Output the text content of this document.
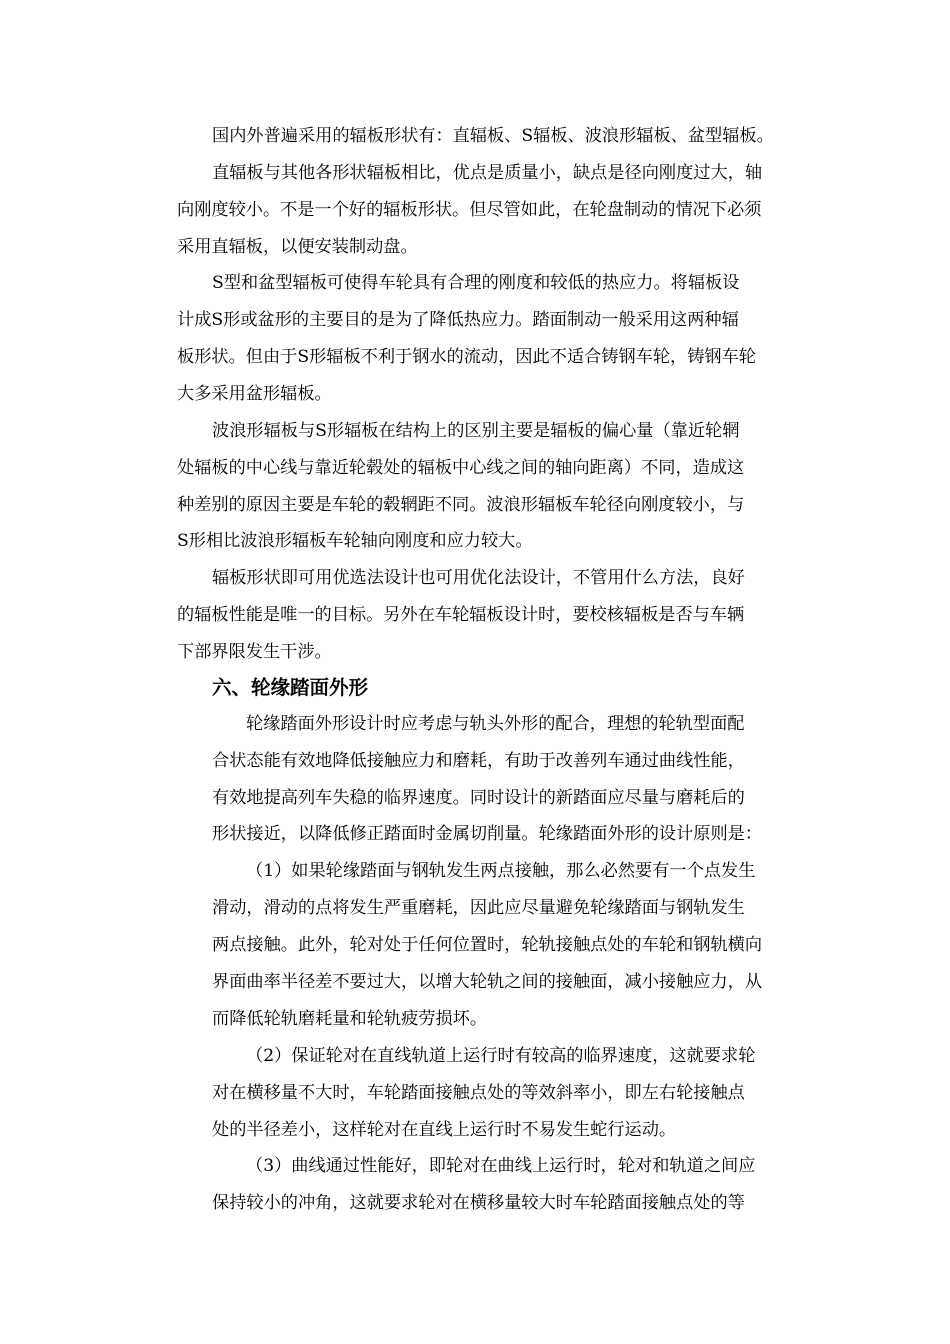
国内外普遍采用的辐板形状有：直辐板、S辐板、波浪形辐板、盆型辐板。

直辐板与其他各形状辐板相比，优点是质量小，缺点是径向刚度过大，轴

向刚度较小。不是一个好的辐板形状。但尽管如此，在轮盘制动的情况下必须

采用直辐板，以便安装制动盘。

S型和盆型辐板可使得车轮具有合理的刚度和较低的热应力。将辐板设

计成S形或盆形的主要目的是为了降低热应力。踏面制动一般采用这两种辐

板形状。但由于S形辐板不利于钢水的流动，因此不适合铸钢车轮，铸钢车轮

大多采用盆形辐板。

波浪形辐板与S形辐板在结构上的区别主要是辐板的偏心量（靠近轮辋

处辐板的中心线与靠近轮毂处的辐板中心线之间的轴向距离）不同，造成这

种差别的原因主要是车轮的毂辋距不同。波浪形辐板车轮径向刚度较小，与

S形相比波浪形辐板车轮轴向刚度和应力较大。

辐板形状即可用优选法设计也可用优化法设计，不管用什么方法，良好

的辐板性能是唯一的目标。另外在车轮辐板设计时，要校核辐板是否与车辆

下部界限发生干涉。

六、轮缘踏面外形

轮缘踏面外形设计时应考虑与轨头外形的配合，理想的轮轨型面配

合状态能有效地降低接触应力和磨耗，有助于改善列车通过曲线性能，

有效地提高列车失稳的临界速度。同时设计的新踏面应尽量与磨耗后的

形状接近，以降低修正踏面时金属切削量。轮缘踏面外形的设计原则是：

（1）如果轮缘踏面与钢轨发生两点接触，那么必然要有一个点发生

滑动，滑动的点将发生严重磨耗，因此应尽量避免轮缘踏面与钢轨发生

两点接触。此外，轮对处于任何位置时，轮轨接触点处的车轮和钢轨横向

界面曲率半径差不要过大，以增大轮轨之间的接触面，减小接触应力，从

而降低轮轨磨耗量和轮轨疲劳损坏。

（2）保证轮对在直线轨道上运行时有较高的临界速度，这就要求轮

对在横移量不大时，车轮踏面接触点处的等效斜率小，即左右轮接触点

处的半径差小，这样轮对在直线上运行时不易发生蛇行运动。

（3）曲线通过性能好，即轮对在曲线上运行时，轮对和轨道之间应

保持较小的冲角，这就要求轮对在横移量较大时车轮踏面接触点处的等
